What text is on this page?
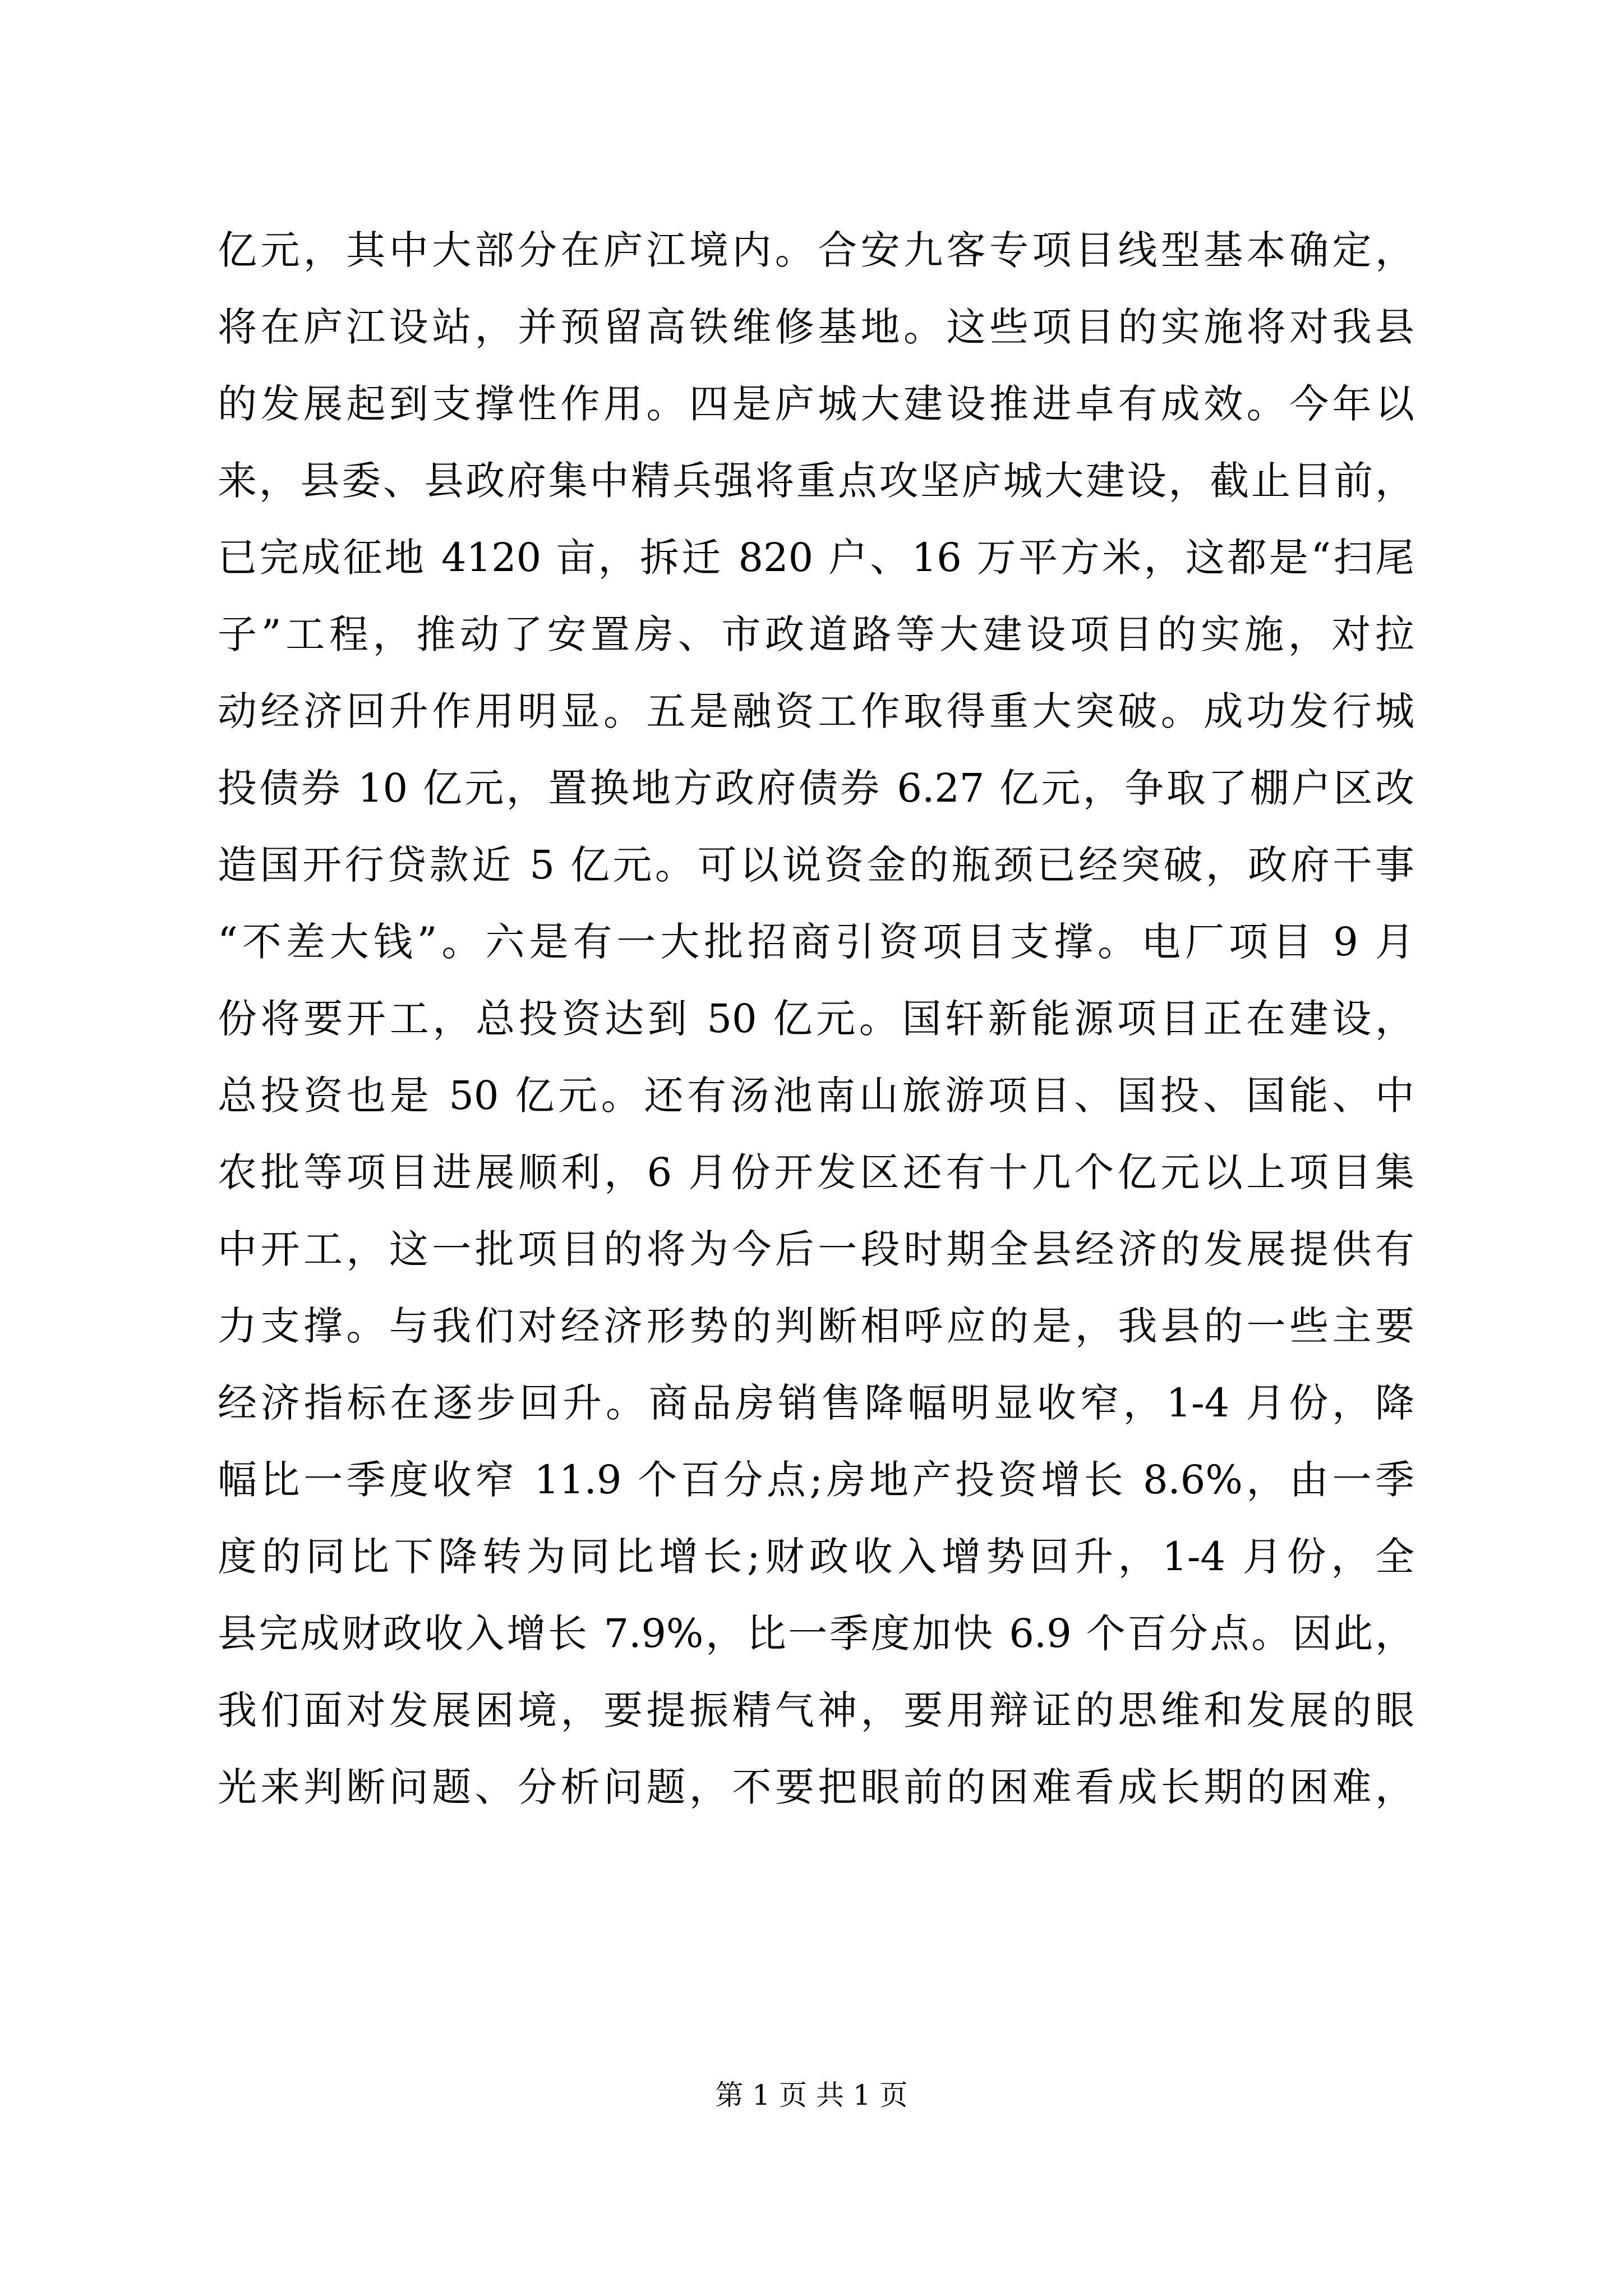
亿元，其中大部分在庐江境内。合安九客专项目线型基本确定，
将在庐江设站，并预留高铁维修基地。这些项目的实施将对我县
的发展起到支撑性作用。四是庐城大建设推进卓有成效。今年以
来，县委、县政府集中精兵强将重点攻坚庐城大建设，截止目前，
已完成征地 4120 亩，拆迁 820 户、16 万平方米，这都是“扫尾
子”工程，推动了安置房、市政道路等大建设项目的实施，对拉
动经济回升作用明显。五是融资工作取得重大突破。成功发行城
投债券 10 亿元，置换地方政府债券 6.27 亿元，争取了棚户区改
造国开行贷款近 5 亿元。可以说资金的瓶颈已经突破，政府干事
“不差大钱”。六是有一大批招商引资项目支撑。电厂项目 9 月
份将要开工，总投资达到 50 亿元。国轩新能源项目正在建设，
总投资也是 50 亿元。还有汤池南山旅游项目、国投、国能、中
农批等项目进展顺利，6 月份开发区还有十几个亿元以上项目集
中开工，这一批项目的将为今后一段时期全县经济的发展提供有
力支撑。与我们对经济形势的判断相呼应的是，我县的一些主要
经济指标在逐步回升。商品房销售降幅明显收窄，1-4 月份，降
幅比一季度收窄 11.9 个百分点;房地产投资增长 8.6%，由一季
度的同比下降转为同比增长;财政收入增势回升，1-4 月份，全
县完成财政收入增长 7.9%，比一季度加快 6.9 个百分点。因此，
我们面对发展困境，要提振精气神，要用辩证的思维和发展的眼
光来判断问题、分析问题，不要把眼前的困难看成长期的困难，
第 1 页 共 1 页
